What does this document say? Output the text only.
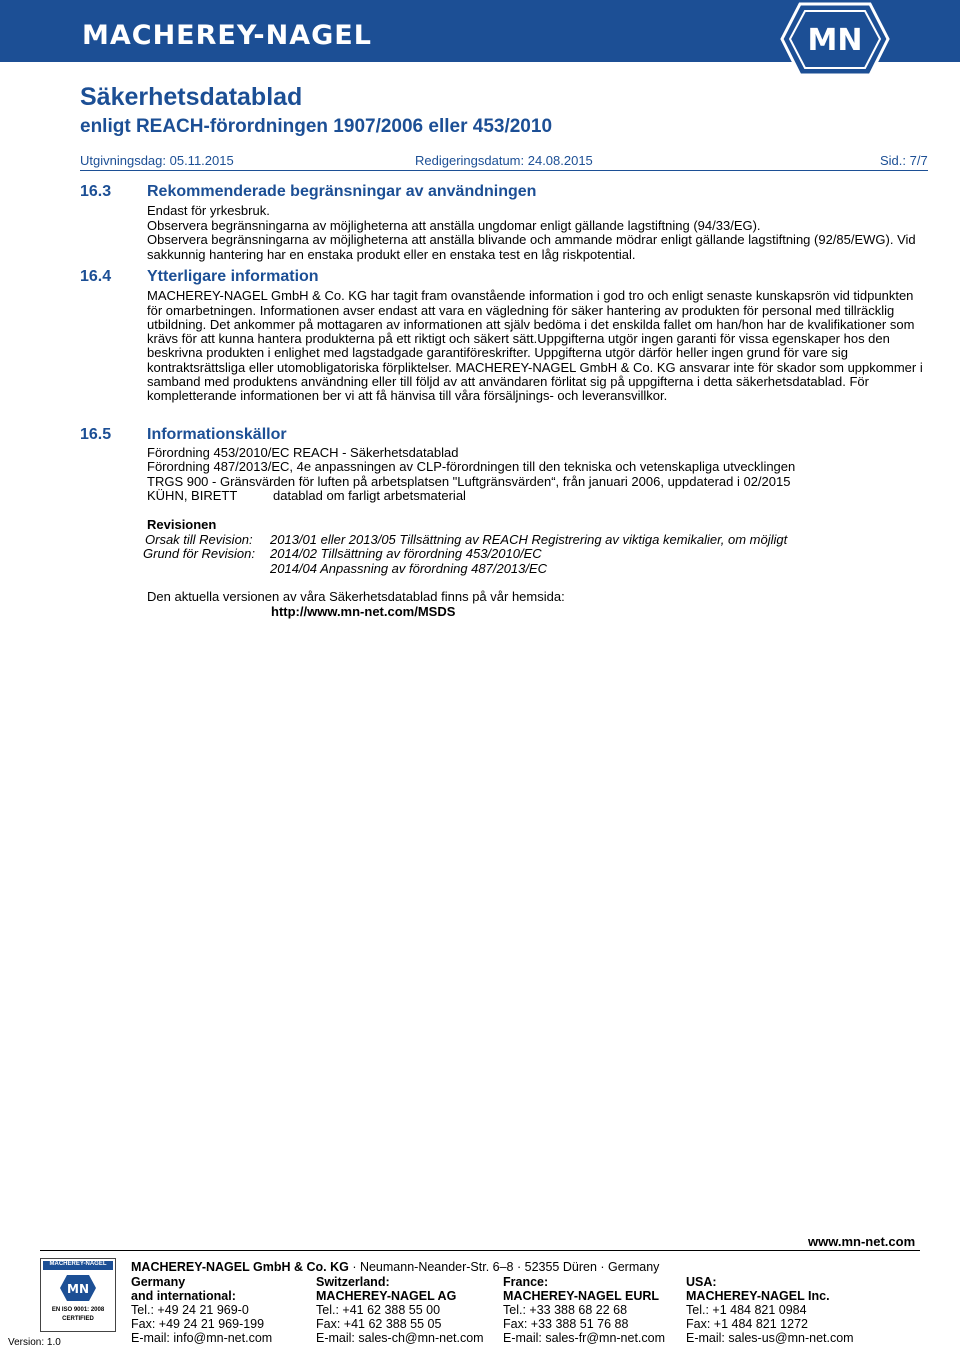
MACHEREY-NAGEL	MN
Säkerhetsdatablad
enligt REACH-förordningen 1907/2006 eller 453/2010
Utgivningsdag: 05.11.2015	Redigeringsdatum: 24.08.2015	Sid.: 7/7
16.3 Rekommenderade begränsningar av användningen
Endast för yrkesbruk.
Observera begränsningarna av möjligheterna att anställa ungdomar enligt gällande lagstiftning (94/33/EG).
Observera begränsningarna av möjligheterna att anställa blivande och ammande mödrar enligt gällande lagstiftning (92/85/EWG). Vid
sakkunnig hantering har en enstaka produkt eller en enstaka test en låg riskpotential.
16.4 Ytterligare information
MACHEREY-NAGEL GmbH & Co. KG har tagit fram ovanstående information i god tro och enligt senaste kunskapsrön vid tidpunkten
för omarbetningen. Informationen avser endast att vara en vägledning för säker hantering av produkten för personal med tillräcklig
utbildning. Det ankommer på mottagaren av informationen att själv bedöma i det enskilda fallet om han/hon har de kvalifikationer som
krävs för att kunna hantera produkterna på ett riktigt och säkert sätt.Uppgifterna utgör ingen garanti för vissa egenskaper hos den
beskrivna produkten i enlighet med lagstadgade garantiföreskrifter. Uppgifterna utgör därför heller ingen grund för vare sig
kontraktsrättsliga eller utomobligatoriska förpliktelser. MACHEREY-NAGEL GmbH & Co. KG ansvarar inte för skador som uppkommer i
samband med produktens användning eller till följd av att användaren förlitat sig på uppgifterna i detta säkerhetsdatablad. För
kompletterande informationen ber vi att få hänvisa till våra försäljnings- och leveransvillkor.
16.5 Informationskällor
Förordning 453/2010/EC REACH - Säkerhetsdatablad
Förordning 487/2013/EC, 4e anpassningen av CLP-förordningen till den tekniska och vetenskapliga utvecklingen
TRGS 900 - Gränsvärden för luften på arbetsplatsen "Luftgränsvärden“, från januari 2006, uppdaterad i 02/2015
KÜHN, BIRETT	datablad om farligt arbetsmaterial
Revisionen
Orsak till Revision: 2013/01 eller 2013/05 Tillsättning av REACH Registrering av viktiga kemikalier, om möjligt
Grund för Revision: 2014/02 Tillsättning av förordning 453/2010/EC
2014/04 Anpassning av förordning 487/2013/EC
Den aktuella versionen av våra Säkerhetsdatablad finns på vår hemsida:
http://www.mn-net.com/MSDS
www.mn-net.com
MACHEREY-NAGEL
MN
EN ISO 9001: 2008
CERTIFIED
Version: 1.0
MACHEREY-NAGEL GmbH & Co. KG · Neumann-Neander-Str. 6–8 · 52355 Düren · Germany
Germany
and international:
Tel.: +49 24 21 969-0
Fax: +49 24 21 969-199
E-mail: info@mn-net.com
Switzerland:
MACHEREY-NAGEL AG
Tel.: +41 62 388 55 00
Fax: +41 62 388 55 05
E-mail: sales-ch@mn-net.com
France:
MACHEREY-NAGEL EURL
Tel.: +33 388 68 22 68
Fax: +33 388 51 76 88
E-mail: sales-fr@mn-net.com
USA:
MACHEREY-NAGEL Inc.
Tel.: +1 484 821 0984
Fax: +1 484 821 1272
E-mail: sales-us@mn-net.com
